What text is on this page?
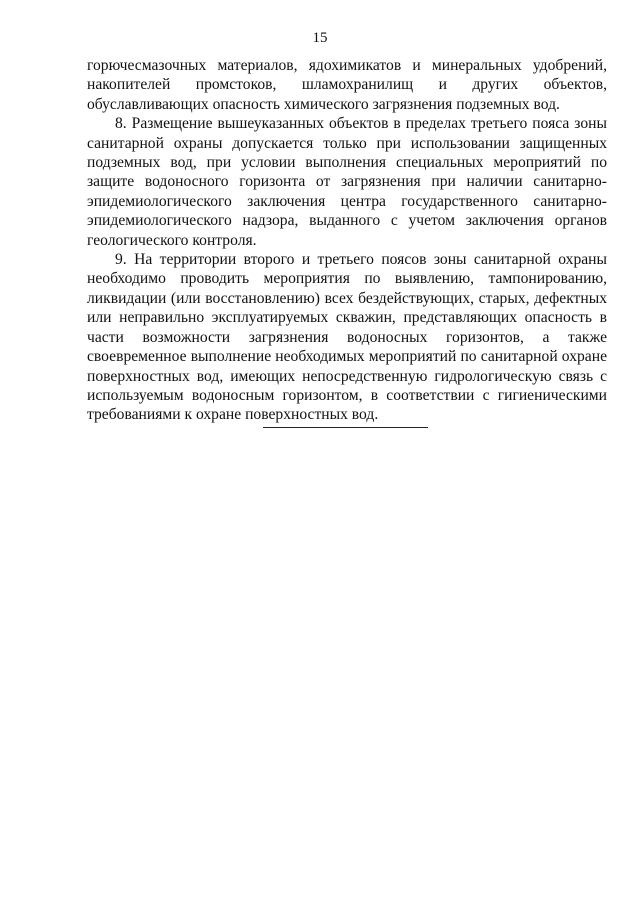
15

горючесмазочных материалов, ядохимикатов и минеральных удобрений, накопителей промстоков, шламохранилищ и других объектов, обуславливающих опасность химического загрязнения подземных вод.

8. Размещение вышеуказанных объектов в пределах третьего пояса зоны санитарной охраны допускается только при использовании защищенных подземных вод, при условии выполнения специальных мероприятий по защите водоносного горизонта от загрязнения при наличии санитарно-эпидемиологического заключения центра государственного санитарно-эпидемиологического надзора, выданного с учетом заключения органов геологического контроля.

9. На территории второго и третьего поясов зоны санитарной охраны необходимо проводить мероприятия по выявлению, тампонированию, ликвидации (или восстановлению) всех бездействующих, старых, дефектных или неправильно эксплуатируемых скважин, представляющих опасность в части возможности загрязнения водоносных горизонтов, а также своевременное выполнение необходимых мероприятий по санитарной охране поверхностных вод, имеющих непосредственную гидрологическую связь с используемым водоносным горизонтом, в соответствии с гигиеническими требованиями к охране поверхностных вод.
